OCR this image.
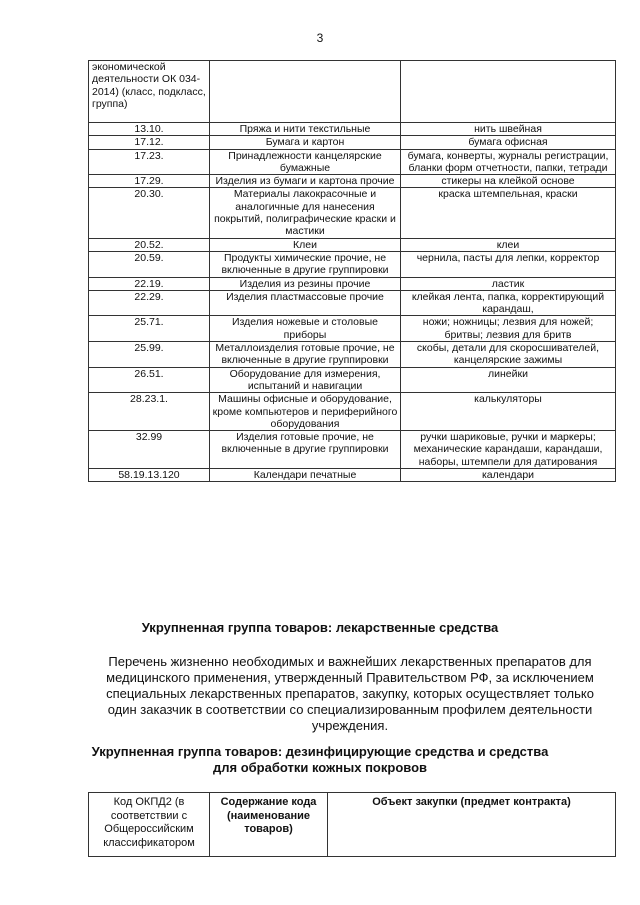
3
экономической деятельности ОК 034-2014) (класс, подкласс, группа)		
13.10.	Пряжа и нити текстильные	нить швейная
17.12.	Бумага и картон	бумага офисная
17.23.	Принадлежности канцелярские бумажные	бумага, конверты, журналы регистрации, бланки форм отчетности, папки, тетради
17.29.	Изделия из бумаги и картона прочие	стикеры на клейкой основе
20.30.	Материалы лакокрасочные и аналогичные для нанесения покрытий, полиграфические краски и мастики	краска штемпельная, краски
20.52.	Клеи	клеи
20.59.	Продукты химические прочие, не включенные в другие группировки	чернила, пасты для лепки, корректор
22.19.	Изделия из резины прочие	ластик
22.29.	Изделия пластмассовые прочие	клейкая лента, папка, корректирующий карандаш,
25.71.	Изделия ножевые и столовые приборы	ножи; ножницы; лезвия для ножей; бритвы; лезвия для бритв
25.99.	Металлоизделия готовые прочие, не включенные в другие группировки	скобы, детали для скоросшивателей, канцелярские зажимы
26.51.	Оборудование для измерения, испытаний и навигации	линейки
28.23.1.	Машины офисные и оборудование, кроме компьютеров и периферийного оборудования	калькуляторы
32.99	Изделия готовые прочие, не включенные в другие группировки	ручки шариковые, ручки и маркеры; механические карандаши, карандаши, наборы, штемпели для датирования
58.19.13.120	Календари печатные	календари
Укрупненная группа товаров: лекарственные средства
Перечень жизненно необходимых и важнейших лекарственных препаратов для медицинского применения, утвержденный Правительством РФ, за исключением специальных лекарственных препаратов, закупку, которых осуществляет только один заказчик в соответствии со специализированным профилем деятельности учреждения.
Укрупненная группа товаров: дезинфицирующие средства и средства
для обработки кожных покровов
Код ОКПД2 (в соответствии с Общероссийским классификатором	Содержание кода (наименование товаров)	Объект закупки (предмет контракта)
